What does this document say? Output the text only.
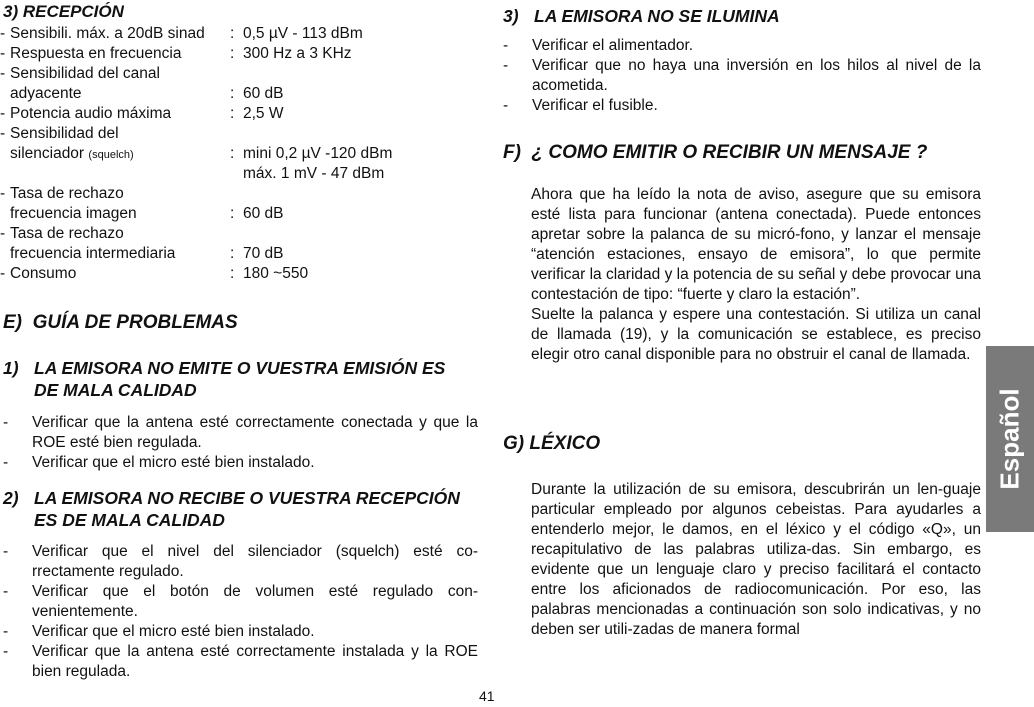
3) RECEPCIÓN
- Sensibili. máx. a 20dB sinad : 0,5 µV - 113 dBm
- Respuesta en frecuencia	: 300 Hz a 3 KHz
- Sensibilidad del canal
adyacente	: 60 dB
- Potencia audio máxima	: 2,5 W
- Sensibilidad del
silenciador (squelch)	: mini 0,2 µV -120 dBm
máx. 1 mV - 47 dBm
- Tasa de rechazo
frecuencia imagen	: 60 dB
- Tasa de rechazo
frecuencia intermediaria	: 70 dB
- Consumo	: 180 ~550
E) GUÍA DE PROBLEMAS
1) LA EMISORA NO EMITE O VUESTRA EMISIÓN ES DE MALA CALIDAD
- Verificar que la antena esté correctamente conectada y que la ROE esté bien regulada.
- Verificar que el micro esté bien instalado.
2) LA EMISORA NO RECIBE O VUESTRA RECEPCIÓN ES DE MALA CALIDAD
- Verificar que el nivel del silenciador (squelch) esté co-rrectamente regulado.
- Verificar que el botón de volumen esté regulado con-venientemente.
- Verificar que el micro esté bien instalado.
- Verificar que la antena esté correctamente instalada y la ROE bien regulada.
3) LA EMISORA NO SE ILUMINA
- Verificar el alimentador.
- Verificar que no haya una inversión en los hilos al nivel de la acometida.
- Verificar el fusible.
F) ¿ COMO EMITIR O RECIBIR UN MENSAJE ?

Ahora que ha leído la nota de aviso, asegure que su emisora esté lista para funcionar (antena conectada). Puede entonces apretar sobre la palanca de su micró-fono, y lanzar el mensaje “atención estaciones, ensayo de emisora”, lo que permite verificar la claridad y la potencia de su señal y debe provocar una contestación de tipo: “fuerte y claro la estación”.

Suelte la palanca y espere una contestación. Si utiliza un canal de llamada (19), y la comunicación se establece, es preciso elegir otro canal disponible para no obstruir el canal de llamada.

G) LÉXICO

Durante la utilización de su emisora, descubrirán un len-guaje particular empleado por algunos cebeistas. Para ayudarles a entenderlo mejor, le damos, en el léxico y el código «Q», un recapitulativo de las palabras utiliza-das. Sin embargo, es evidente que un lenguaje claro y preciso facilitará el contacto entre los aficionados de radiocomunicación. Por eso, las palabras mencionadas a continuación son solo indicativas, y no deben ser utili-zadas de manera formal

Español
41
